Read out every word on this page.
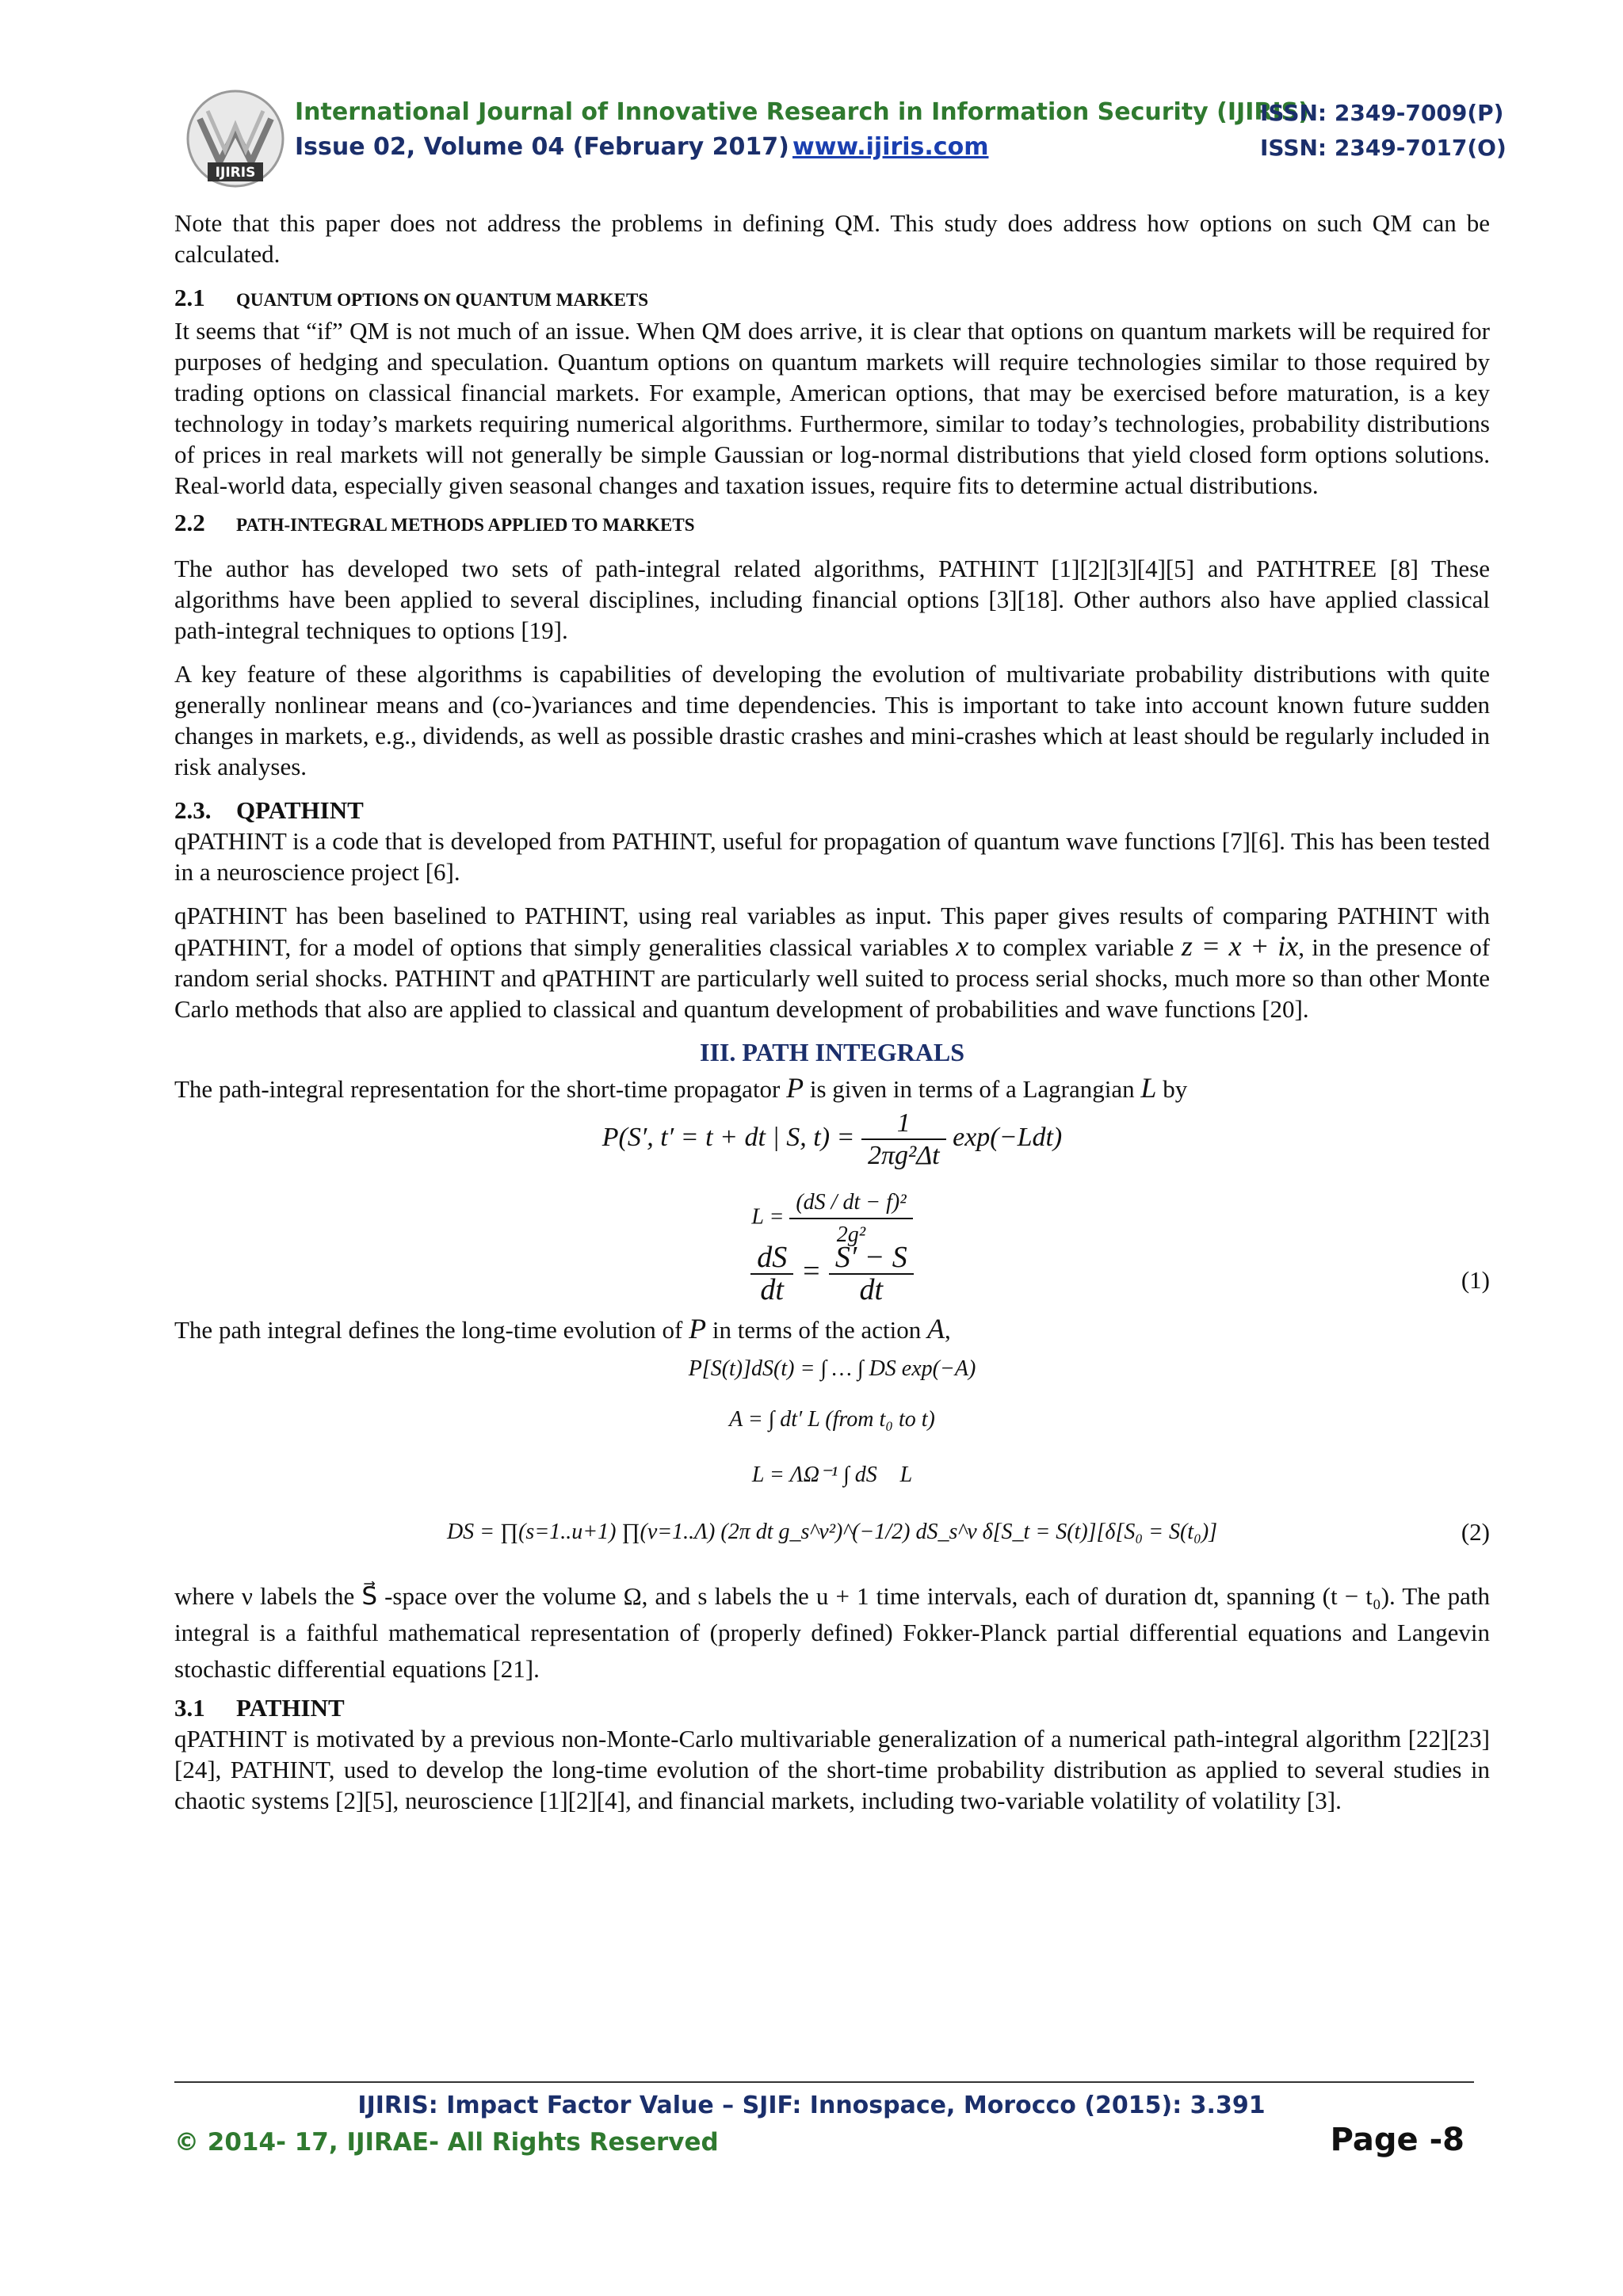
IJIRIS
International Journal of Innovative Research in Information Security (IJIRIS)
ISSN: 2349-7009(P)
Issue 02, Volume 04 (February 2017) www.ijiris.com	ISSN: 2349-7017(O)

Note that this paper does not address the problems in defining QM. This study does address how options on such QM can be calculated.

2.1 QUANTUM OPTIONS ON QUANTUM MARKETS

It seems that “if” QM is not much of an issue. When QM does arrive, it is clear that options on quantum markets will be required for purposes of hedging and speculation. Quantum options on quantum markets will require technologies similar to those required by trading options on classical financial markets. For example, American options, that may be exercised before maturation, is a key technology in today’s markets requiring numerical algorithms. Furthermore, similar to today’s technologies, probability distributions of prices in real markets will not generally be simple Gaussian or log-normal distributions that yield closed form options solutions. Real-world data, especially given seasonal changes and taxation issues, require fits to determine actual distributions.

2.2 PATH-INTEGRAL METHODS APPLIED TO MARKETS

The author has developed two sets of path-integral related algorithms, PATHINT [1][2][3][4][5] and PATHTREE [8] These algorithms have been applied to several disciplines, including financial options [3][18]. Other authors also have applied classical path-integral techniques to options [19].

A key feature of these algorithms is capabilities of developing the evolution of multivariate probability distributions with quite generally nonlinear means and (co-)variances and time dependencies. This is important to take into account known future sudden changes in markets, e.g., dividends, as well as possible drastic crashes and mini-crashes which at least should be regularly included in risk analyses.

2.3. QPATHINT

qPATHINT is a code that is developed from PATHINT, useful for propagation of quantum wave functions [7][6]. This has been tested in a neuroscience project [6].

qPATHINT has been baselined to PATHINT, using real variables as input. This paper gives results of comparing PATHINT with qPATHINT, for a model of options that simply generalities classical variables x to complex variable z = x + ix, in the presence of random serial shocks. PATHINT and qPATHINT are particularly well suited to process serial shocks, much more so than other Monte Carlo methods that also are applied to classical and quantum development of probabilities and wave functions [20].

III. PATH INTEGRALS

The path-integral representation for the short-time propagator P is given in terms of a Lagrangian L by

P(S′, t′ = t + dt | S, $t) = \frac{1}{\text{2πg²Δt}} \exp(-Ldt)$
$L = \frac{\text{(dS / dt − f)²}}{\text{2g²}}$
$\frac{dS}{dt} = \frac{S' - S}{dt}$	(1)

The path integral defines the long-time evolution of P in terms of the action A,

P[S(t)]dS(t) = ∫ … ∫ DS exp(−A)
A = ∫ dt′ L (from t₀ to t)
L = ΛΩ⁻¹ ∫ dS⃗ L
DS = ∏(s=1..u+1) ∏(v=1..Λ) (2π dt g_s^v²)^(−1/2) dS_s^v δ[S_t = S(t)][δ[S₀ = S(t₀)]	(2)

where ν labels the S⃗ -space over the volume Ω, and s labels the u + 1 time intervals, each of duration dt, spanning (t − t₀). The path integral is a faithful mathematical representation of (properly defined) Fokker-Planck partial differential equations and Langevin stochastic differential equations [21].

3.1 PATHINT

qPATHINT is motivated by a previous non-Monte-Carlo multivariable generalization of a numerical path-integral algorithm [22][23][24], PATHINT, used to develop the long-time evolution of the short-time probability distribution as applied to several studies in chaotic systems [2][5], neuroscience [1][2][4], and financial markets, including two-variable volatility of volatility [3].

IJIRIS: Impact Factor Value – SJIF: Innospace, Morocco (2015): 3.391
© 2014- 17, IJIRAE- All Rights Reserved	Page -8
